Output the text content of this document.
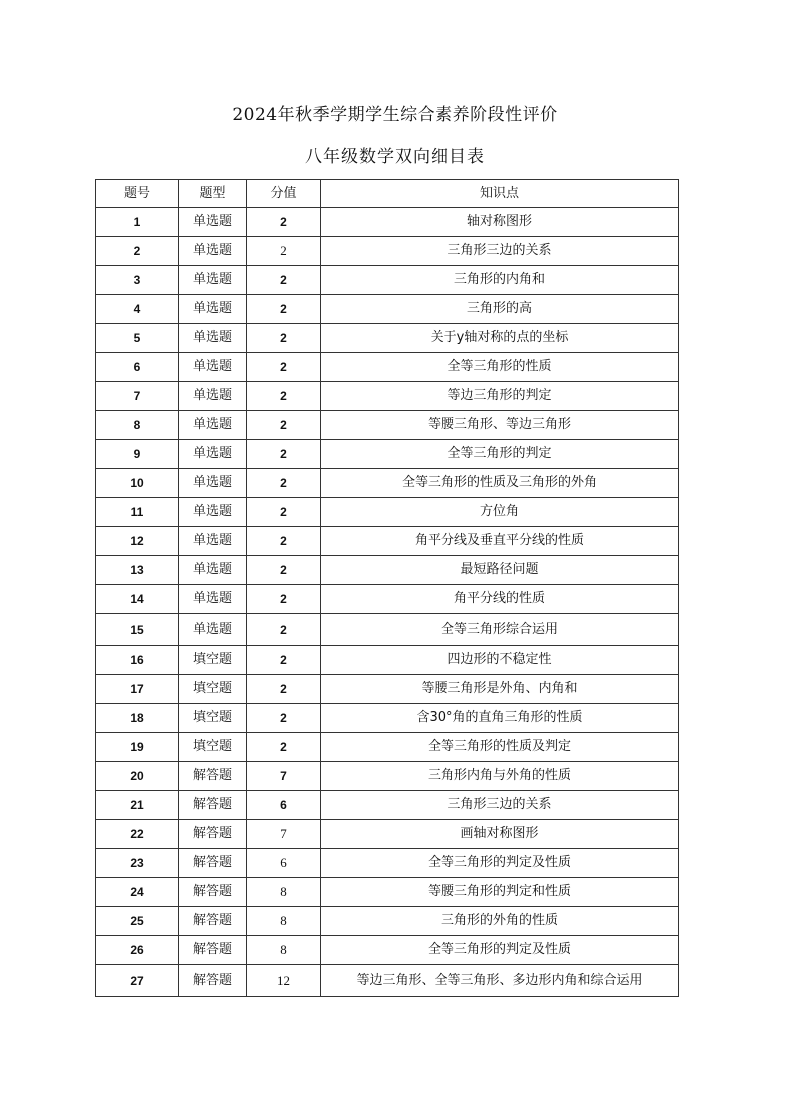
2024年秋季学期学生综合素养阶段性评价
八年级数学双向细目表
题号	题型	分值	知识点
1	单选题	2	轴对称图形
2	单选题	2	三角形三边的关系
3	单选题	2	三角形的内角和
4	单选题	2	三角形的高
5	单选题	2	关于y轴对称的点的坐标
6	单选题	2	全等三角形的性质
7	单选题	2	等边三角形的判定
8	单选题	2	等腰三角形、等边三角形
9	单选题	2	全等三角形的判定
10	单选题	2	全等三角形的性质及三角形的外角
11	单选题	2	方位角
12	单选题	2	角平分线及垂直平分线的性质
13	单选题	2	最短路径问题
14	单选题	2	角平分线的性质
15	单选题	2	全等三角形综合运用
16	填空题	2	四边形的不稳定性
17	填空题	2	等腰三角形是外角、内角和
18	填空题	2	含30°角的直角三角形的性质
19	填空题	2	全等三角形的性质及判定
20	解答题	7	三角形内角与外角的性质
21	解答题	6	三角形三边的关系
22	解答题	7	画轴对称图形
23	解答题	6	全等三角形的判定及性质
24	解答题	8	等腰三角形的判定和性质
25	解答题	8	三角形的外角的性质
26	解答题	8	全等三角形的判定及性质
27	解答题	12	等边三角形、全等三角形、多边形内角和综合运用
